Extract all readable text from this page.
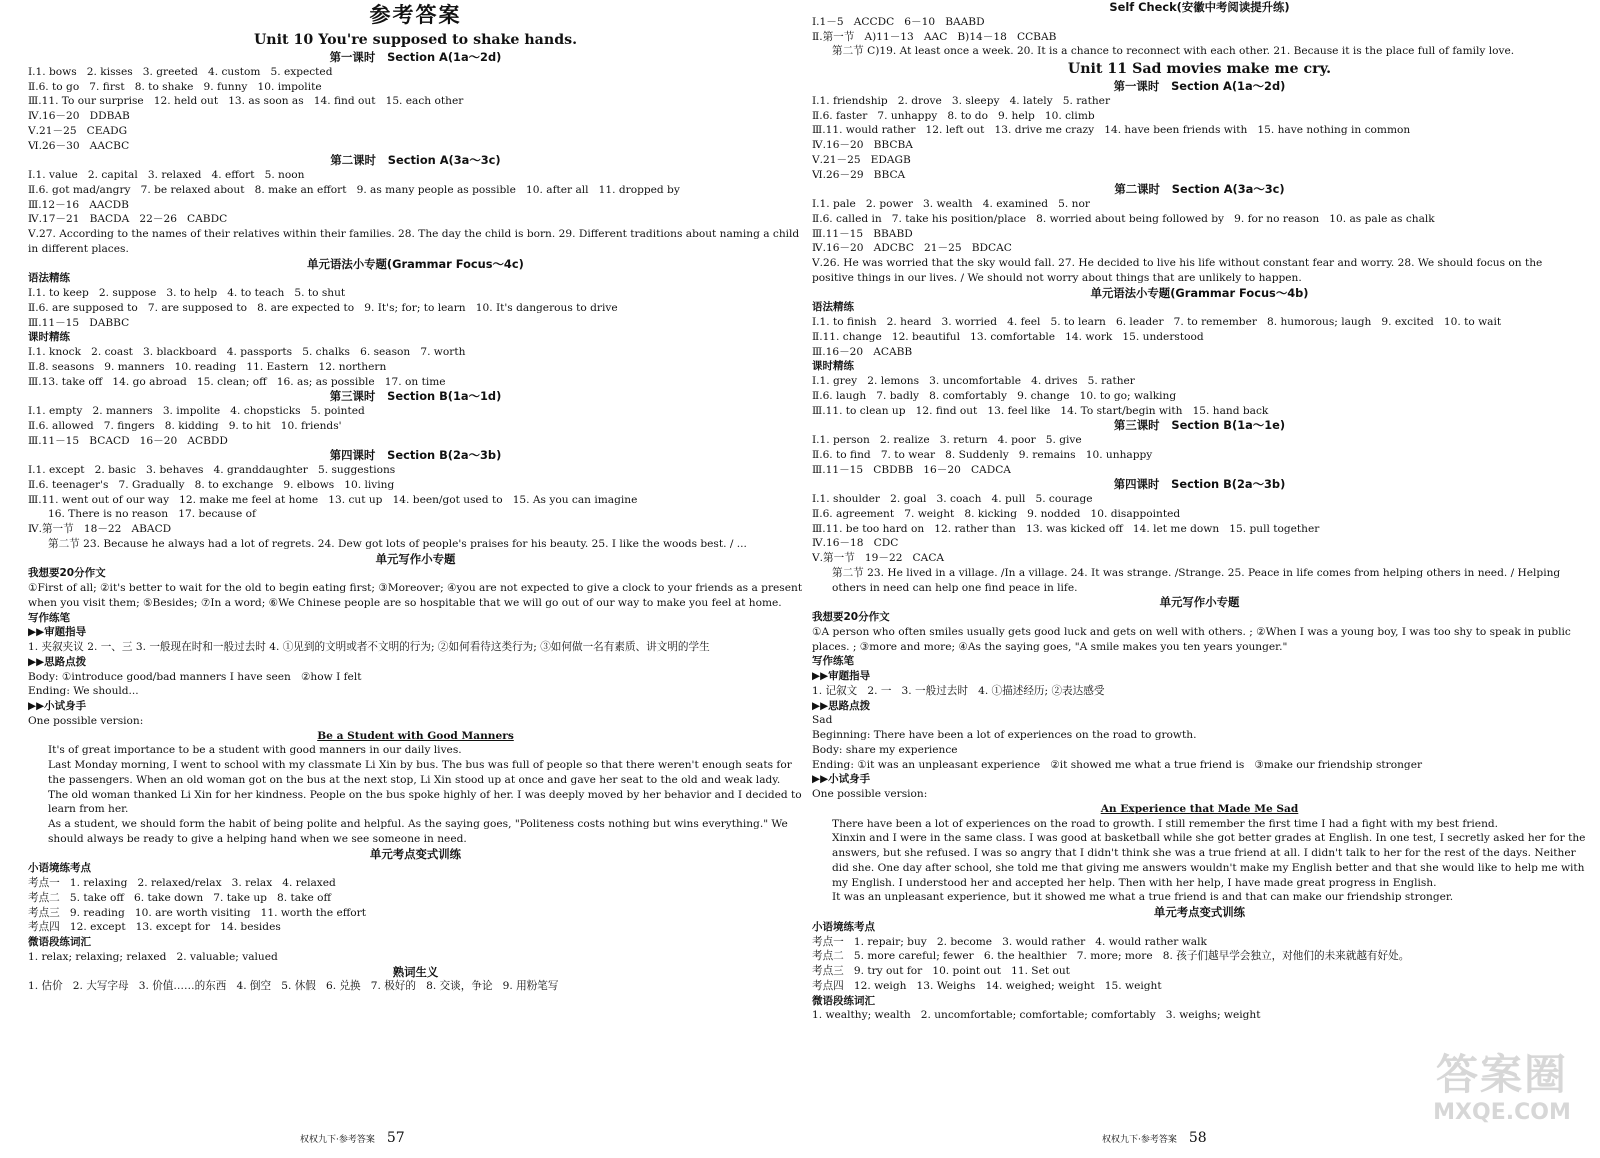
参考答案
Unit 10 You're supposed to shake hands.
第一课时   Section A(1a～2d)
Ⅰ.1. bows   2. kisses   3. greeted   4. custom   5. expected
Ⅱ.6. to go   7. first   8. to shake   9. funny   10. impolite
Ⅲ.11. To our surprise   12. held out   13. as soon as   14. find out   15. each other
Ⅳ.16－20   DDBAB
Ⅴ.21－25   CEADG
Ⅵ.26－30   AACBC
第二课时   Section A(3a～3c)
Ⅰ.1. value   2. capital   3. relaxed   4. effort   5. noon
Ⅱ.6. got mad/angry   7. be relaxed about   8. make an effort   9. as many people as possible   10. after all   11. dropped by
Ⅲ.12－16   AACDB
Ⅳ.17－21   BACDA   22－26   CABDC
Ⅴ.27. According to the names of their relatives within their families. 28. The day the child is born. 29. Different traditions about naming a child in different places.
单元语法小专题(Grammar Focus～4c)
语法精练
Ⅰ.1. to keep   2. suppose   3. to help   4. to teach   5. to shut
Ⅱ.6. are supposed to   7. are supposed to   8. are expected to   9. It's; for; to learn   10. It's dangerous to drive
Ⅲ.11－15   DABBC
课时精练
Ⅰ.1. knock   2. coast   3. blackboard   4. passports   5. chalks   6. season   7. worth
Ⅱ.8. seasons   9. manners   10. reading   11. Eastern   12. northern
Ⅲ.13. take off   14. go abroad   15. clean; off   16. as; as possible   17. on time
第三课时   Section B(1a～1d)
Ⅰ.1. empty   2. manners   3. impolite   4. chopsticks   5. pointed
Ⅱ.6. allowed   7. fingers   8. kidding   9. to hit   10. friends'
Ⅲ.11－15   BCACD   16－20   ACBDD
第四课时   Section B(2a～3b)
Ⅰ.1. except   2. basic   3. behaves   4. granddaughter   5. suggestions
Ⅱ.6. teenager's   7. Gradually   8. to exchange   9. elbows   10. living
Ⅲ.11. went out of our way   12. make me feel at home   13. cut up   14. been/got used to   15. As you can imagine
16. There is no reason   17. because of
Ⅳ.第一节   18－22   ABACD
第二节 23. Because he always had a lot of regrets. 24. Dew got lots of people's praises for his beauty. 25. I like the woods best. / ...
单元写作小专题
我想要20分作文
①First of all; ②it's better to wait for the old to begin eating first; ③Moreover; ④you are not expected to give a clock to your friends as a present when you visit them; ⑤Besides; ⑦In a word; ⑥We Chinese people are so hospitable that we will go out of our way to make you feel at home.
写作练笔
▶▶审题指导
1. 夹叙夹议 2. 一、三 3. 一般现在时和一般过去时 4. ①见到的文明或者不文明的行为; ②如何看待这类行为; ③如何做一名有素质、讲文明的学生
▶▶思路点拨
Body: ①introduce good/bad manners I have seen   ②how I felt
Ending: We should...
▶▶小试身手
One possible version:
Be a Student with Good Manners
It's of great importance to be a student with good manners in our daily lives.
Last Monday morning, I went to school with my classmate Li Xin by bus. The bus was full of people so that there weren't enough seats for the passengers. When an old woman got on the bus at the next stop, Li Xin stood up at once and gave her seat to the old and weak lady. The old woman thanked Li Xin for her kindness. People on the bus spoke highly of her. I was deeply moved by her behavior and I decided to learn from her.
As a student, we should form the habit of being polite and helpful. As the saying goes, "Politeness costs nothing but wins everything." We should always be ready to give a helping hand when we see someone in need.
单元考点变式训练
小语境练考点
考点一   1. relaxing   2. relaxed/relax   3. relax   4. relaxed
考点二   5. take off   6. take down   7. take up   8. take off
考点三   9. reading   10. are worth visiting   11. worth the effort
考点四   12. except   13. except for   14. besides
微语段练词汇
1. relax; relaxing; relaxed   2. valuable; valued
熟词生义
1. 估价   2. 大写字母   3. 价值……的东西   4. 倒空   5. 休假   6. 兑换   7. 极好的   8. 交谈，争论   9. 用粉笔写
Self Check(安徽中考阅读提升练)
Ⅰ.1－5   ACCDC   6－10   BAABD
Ⅱ.第一节   A)11－13   AAC   B)14－18   CCBAB
第二节 C)19. At least once a week. 20. It is a chance to reconnect with each other. 21. Because it is the place full of family love.
Unit 11 Sad movies make me cry.
第一课时   Section A(1a～2d)
Ⅰ.1. friendship   2. drove   3. sleepy   4. lately   5. rather
Ⅱ.6. faster   7. unhappy   8. to do   9. help   10. climb
Ⅲ.11. would rather   12. left out   13. drive me crazy   14. have been friends with   15. have nothing in common
Ⅳ.16－20   BBCBA
Ⅴ.21－25   EDAGB
Ⅵ.26－29   BBCA
第二课时   Section A(3a～3c)
Ⅰ.1. pale   2. power   3. wealth   4. examined   5. nor
Ⅱ.6. called in   7. take his position/place   8. worried about being followed by   9. for no reason   10. as pale as chalk
Ⅲ.11－15   BBABD
Ⅳ.16－20   ADCBC   21－25   BDCAC
Ⅴ.26. He was worried that the sky would fall. 27. He decided to live his life without constant fear and worry. 28. We should focus on the positive things in our lives. / We should not worry about things that are unlikely to happen.
单元语法小专题(Grammar Focus～4b)
语法精练
Ⅰ.1. to finish   2. heard   3. worried   4. feel   5. to learn   6. leader   7. to remember   8. humorous; laugh   9. excited   10. to wait
Ⅱ.11. change   12. beautiful   13. comfortable   14. work   15. understood
Ⅲ.16－20   ACABB
课时精练
Ⅰ.1. grey   2. lemons   3. uncomfortable   4. drives   5. rather
Ⅱ.6. laugh   7. badly   8. comfortably   9. change   10. to go; walking
Ⅲ.11. to clean up   12. find out   13. feel like   14. To start/begin with   15. hand back
第三课时   Section B(1a～1e)
Ⅰ.1. person   2. realize   3. return   4. poor   5. give
Ⅱ.6. to find   7. to wear   8. Suddenly   9. remains   10. unhappy
Ⅲ.11－15   CBDBB   16－20   CADCA
第四课时   Section B(2a～3b)
Ⅰ.1. shoulder   2. goal   3. coach   4. pull   5. courage
Ⅱ.6. agreement   7. weight   8. kicking   9. nodded   10. disappointed
Ⅲ.11. be too hard on   12. rather than   13. was kicked off   14. let me down   15. pull together
Ⅳ.16－18   CDC
Ⅴ.第一节   19－22   CACA
第二节 23. He lived in a village. /In a village. 24. It was strange. /Strange. 25. Peace in life comes from helping others in need. / Helping others in need can help one find peace in life.
单元写作小专题
我想要20分作文
①A person who often smiles usually gets good luck and gets on well with others. ; ②When I was a young boy, I was too shy to speak in public places. ; ③more and more; ④As the saying goes, "A smile makes you ten years younger."
写作练笔
▶▶审题指导
1. 记叙文   2. 一   3. 一般过去时   4. ①描述经历; ②表达感受
▶▶思路点拨
Sad
Beginning: There have been a lot of experiences on the road to growth.
Body: share my experience
Ending: ①it was an unpleasant experience   ②it showed me what a true friend is   ③make our friendship stronger
▶▶小试身手
One possible version:
An Experience that Made Me Sad
There have been a lot of experiences on the road to growth. I still remember the first time I had a fight with my best friend.
Xinxin and I were in the same class. I was good at basketball while she got better grades at English. In one test, I secretly asked her for the answers, but she refused. I was so angry that I didn't think she was a true friend at all. I didn't talk to her for the rest of the days. Neither did she. One day after school, she told me that giving me answers wouldn't make my English better and that she would like to help me with my English. I understood her and accepted her help. Then with her help, I have made great progress in English.
It was an unpleasant experience, but it showed me what a true friend is and that can make our friendship stronger.
单元考点变式训练
小语境练考点
考点一   1. repair; buy   2. become   3. would rather   4. would rather walk
考点二   5. more careful; fewer   6. the healthier   7. more; more   8. 孩子们越早学会独立，对他们的未来就越有好处。
考点三   9. try out for   10. point out   11. Set out
考点四   12. weigh   13. Weighs   14. weighed; weight   15. weight
微语段练词汇
1. wealthy; wealth   2. uncomfortable; comfortable; comfortably   3. weighs; weight
权权九下·参考答案 57	权权九下·参考答案 58
答案圈
MXQE.COM
